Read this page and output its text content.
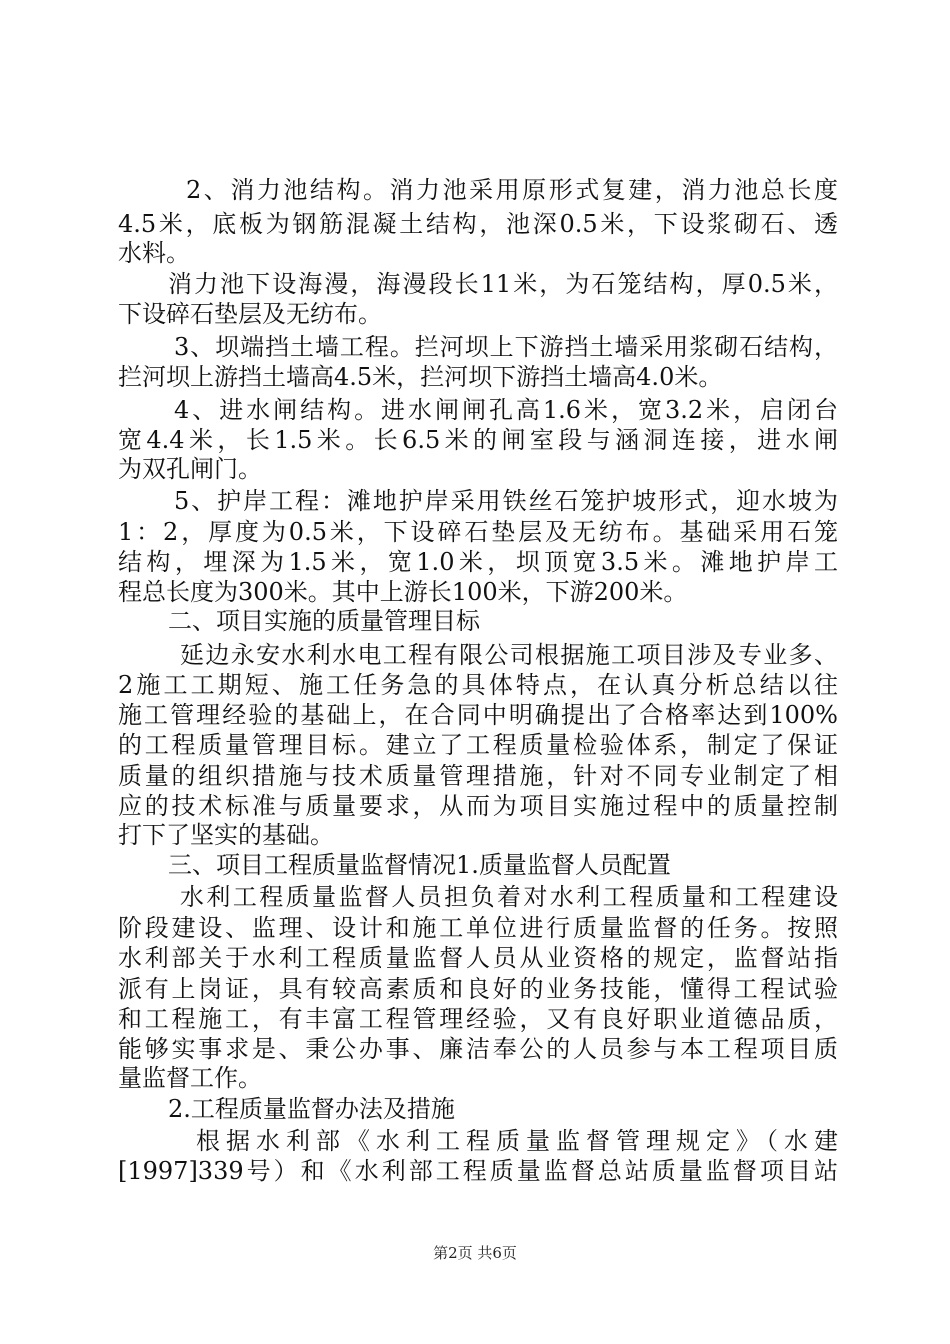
2、消力池结构。消力池采用原形式复建，消力池总长度
4.5米，底板为钢筋混凝土结构，池深0.5米，下设浆砌石、透
水料。
消力池下设海漫，海漫段长11米，为石笼结构，厚0.5米，
下设碎石垫层及无纺布。
3、坝端挡土墙工程。拦河坝上下游挡土墙采用浆砌石结构，
拦河坝上游挡土墙高4.5米，拦河坝下游挡土墙高4.0米。
4、进水闸结构。进水闸闸孔高1.6米，宽3.2米，启闭台
宽4.4米，长1.5米。长6.5米的闸室段与涵洞连接，进水闸
为双孔闸门。
5、护岸工程：滩地护岸采用铁丝石笼护坡形式，迎水坡为
1：2，厚度为0.5米，下设碎石垫层及无纺布。基础采用石笼
结构，埋深为1.5米，宽1.0米，坝顶宽3.5米。滩地护岸工
程总长度为300米。其中上游长100米，下游200米。
二、项目实施的质量管理目标
延边永安水利水电工程有限公司根据施工项目涉及专业多、
2施工工期短、施工任务急的具体特点，在认真分析总结以往
施工管理经验的基础上，在合同中明确提出了合格率达到100%
的工程质量管理目标。建立了工程质量检验体系，制定了保证
质量的组织措施与技术质量管理措施，针对不同专业制定了相
应的技术标准与质量要求，从而为项目实施过程中的质量控制
打下了坚实的基础。
三、项目工程质量监督情况1.质量监督人员配置
水利工程质量监督人员担负着对水利工程质量和工程建设
阶段建设、监理、设计和施工单位进行质量监督的任务。按照
水利部关于水利工程质量监督人员从业资格的规定，监督站指
派有上岗证，具有较高素质和良好的业务技能，懂得工程试验
和工程施工，有丰富工程管理经验，又有良好职业道德品质，
能够实事求是、秉公办事、廉洁奉公的人员参与本工程项目质
量监督工作。
2.工程质量监督办法及措施
根据水利部《水利工程质量监督管理规定》（水建
[1997]339号）和《水利部工程质量监督总站质量监督项目站
第2页 共6页
